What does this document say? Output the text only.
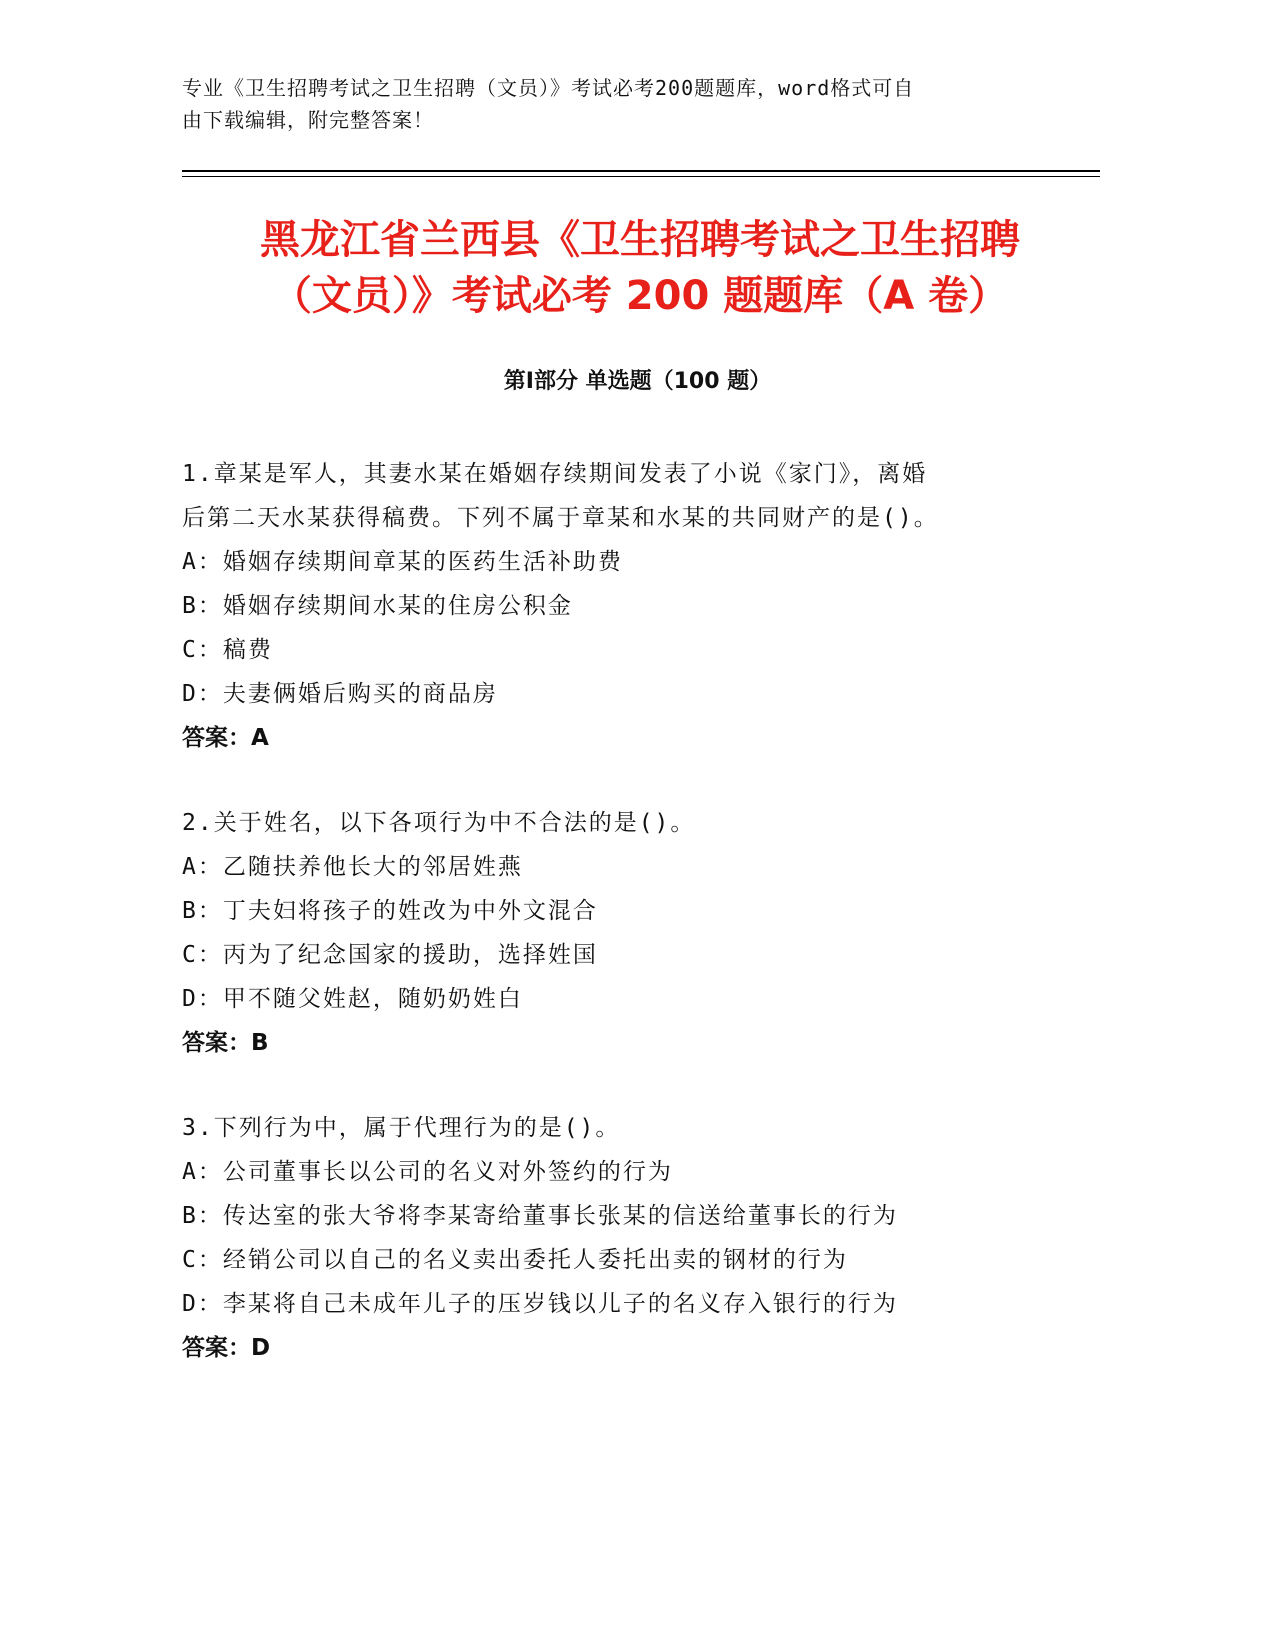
专业《卫生招聘考试之卫生招聘（文员）》考试必考200题题库，word格式可自
由下载编辑，附完整答案！
黑龙江省兰西县《卫生招聘考试之卫生招聘
（文员）》考试必考 200 题题库（A 卷）
第Ⅰ部分 单选题（100 题）
1.章某是军人，其妻水某在婚姻存续期间发表了小说《家门》，离婚
后第二天水某获得稿费。下列不属于章某和水某的共同财产的是()。
A：婚姻存续期间章某的医药生活补助费
B：婚姻存续期间水某的住房公积金
C：稿费
D：夫妻俩婚后购买的商品房
答案：A
2.关于姓名，以下各项行为中不合法的是()。
A：乙随扶养他长大的邻居姓燕
B：丁夫妇将孩子的姓改为中外文混合
C：丙为了纪念国家的援助，选择姓国
D：甲不随父姓赵，随奶奶姓白
答案：B
3.下列行为中，属于代理行为的是()。
A：公司董事长以公司的名义对外签约的行为
B：传达室的张大爷将李某寄给董事长张某的信送给董事长的行为
C：经销公司以自己的名义卖出委托人委托出卖的钢材的行为
D：李某将自己未成年儿子的压岁钱以儿子的名义存入银行的行为
答案：D
